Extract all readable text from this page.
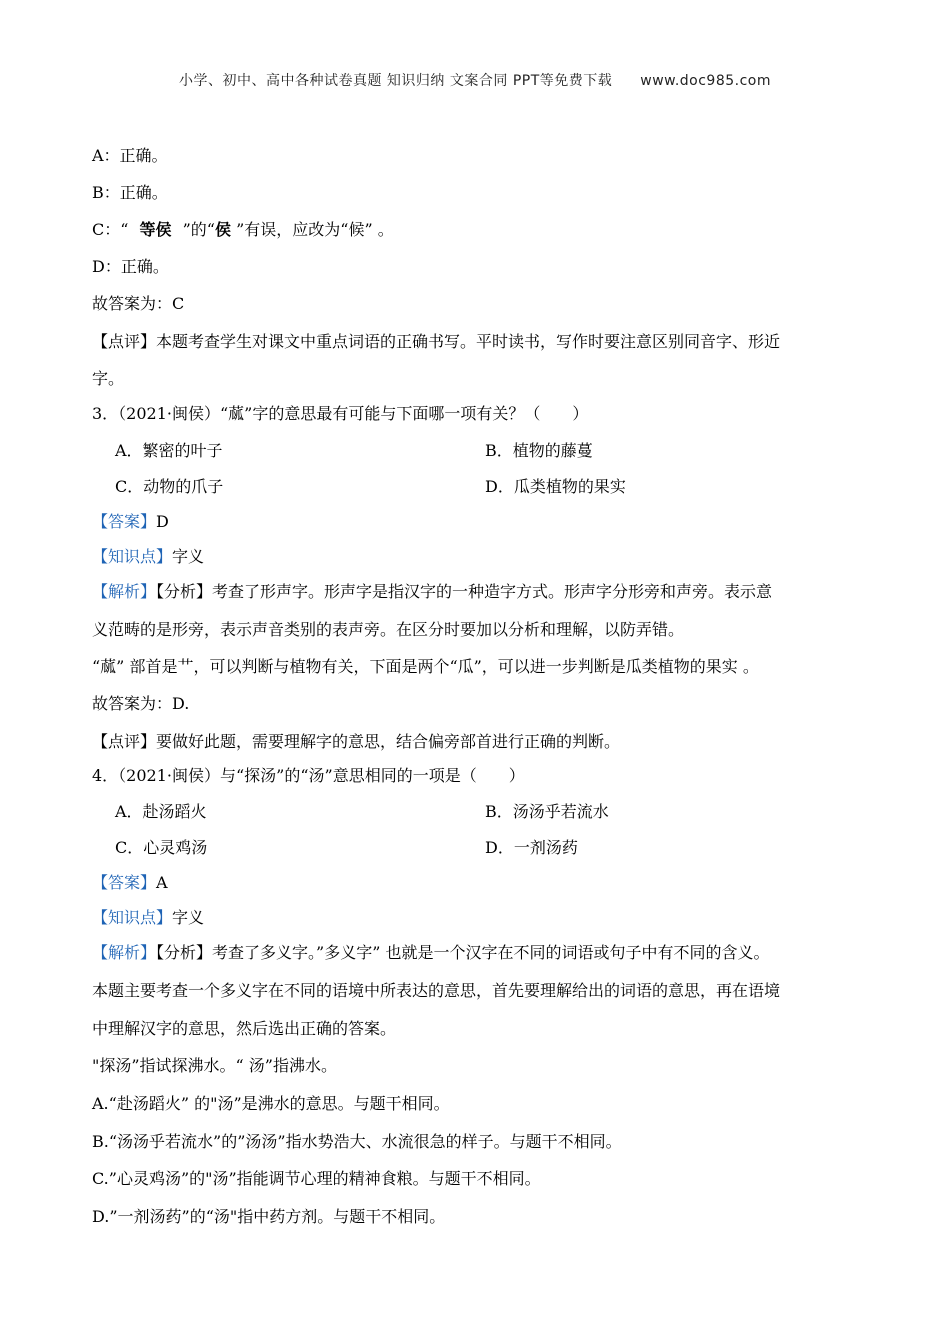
小学、初中、高中各种试卷真题 知识归纳 文案合同 PPT等免费下载 www.doc985.com
A：正确。
B：正确。
C：“ 等侯 ”的“侯 ”有误，应改为“候” 。
D：正确。
故答案为：C
【点评】本题考查学生对课文中重点词语的正确书写。平时读书，写作时要注意区别同音字、形近
字。
3．（2021·闽侯）“蓏”字的意思最有可能与下面哪一项有关？（　　）
A．繁密的叶子	B．植物的藤蔓
C．动物的爪子	D．瓜类植物的果实
【答案】D
【知识点】字义
【解析】【分析】考查了形声字。形声字是指汉字的一种造字方式。形声字分形旁和声旁。表示意
义范畴的是形旁，表示声音类别的表声旁。在区分时要加以分析和理解，以防弄错。
“蓏” 部首是艹，可以判断与植物有关，下面是两个“瓜”，可以进一步判断是瓜类植物的果实 。
故答案为：D.
【点评】要做好此题，需要理解字的意思，结合偏旁部首进行正确的判断。
4．（2021·闽侯）与“探汤”的“汤”意思相同的一项是（　　）
A．赴汤蹈火	B．汤汤乎若流水
C．心灵鸡汤	D．一剂汤药
【答案】A
【知识点】字义
【解析】【分析】考查了多义字。”多义字” 也就是一个汉字在不同的词语或句子中有不同的含义。
本题主要考查一个多义字在不同的语境中所表达的意思，首先要理解给出的词语的意思，再在语境
中理解汉字的意思，然后选出正确的答案。
"探汤”指试探沸水。“ 汤”指沸水。
A.“赴汤蹈火” 的"汤”是沸水的意思。与题干相同。
B.“汤汤乎若流水”的”汤汤”指水势浩大、水流很急的样子。与题干不相同。
C.”心灵鸡汤”的"汤”指能调节心理的精神食粮。与题干不相同。
D.”一剂汤药”的“汤"指中药方剂。与题干不相同。
